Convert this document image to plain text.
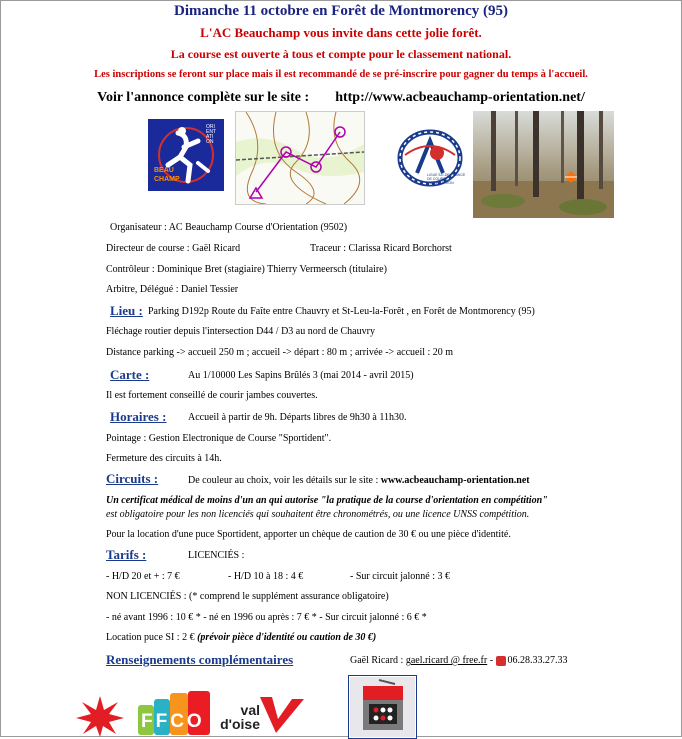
Dimanche 11 octobre en Forêt de Montmorency (95)
L'AC Beauchamp vous invite dans cette jolie forêt.
La course est ouverte à tous et compte pour le classement national.
Les inscriptions se feront sur place mais il est recommandé de se pré-inscrire pour gagner du temps à l'accueil.
Voir l'annonce complète sur le site : http://www.acbeauchamp-orientation.net/
BEAU CHAMP
ORIENTATION
LIGUE ÎLE-DE-FRANCE DE COURSE D'ORIENTATION
Organisateur : AC Beauchamp Course d'Orientation (9502)
Directeur de course : Gaël Ricard	Traceur : Clarissa Ricard Borchorst
Contrôleur : Dominique Bret (stagiaire) Thierry Vermeersch (titulaire)
Arbitre, Délégué : Daniel Tessier
Lieu : Parking D192p Route du Faîte entre Chauvry et St-Leu-la-Forêt , en Forêt de Montmorency (95)
Fléchage routier depuis l'intersection D44 / D3 au nord de Chauvry
Distance parking -> accueil 250 m ; accueil -> départ : 80 m ; arrivée -> accueil : 20 m
Carte :	Au 1/10000 Les Sapins Brûlés 3 (mai 2014 - avril 2015)
Il est fortement conseillé de courir jambes couvertes.
Horaires : Accueil à partir de 9h. Départs libres de 9h30 à 11h30.
Pointage : Gestion Electronique de Course "Sportident".
Fermeture des circuits à 14h.
Circuits :	De couleur au choix, voir les détails sur le site : www.acbeauchamp-orientation.net
Un certificat médical de moins d'un an qui autorise "la pratique de la course d'orientation en compétition"
est obligatoire pour les non licenciés qui souhaitent être chronométrés, ou une licence UNSS compétition.
Pour la location d'une puce Sportident, apporter un chèque de caution de 30 € ou une pièce d'identité.
Tarifs :	LICENCIÉS :
- H/D 20 et + : 7 €	- H/D 10 à 18 : 4 €	- Sur circuit jalonné : 3 €
NON LICENCIÉS : (* comprend le supplément assurance obligatoire)
- né avant 1996 : 10 € * - né en 1996 ou après : 7 € * - Sur circuit jalonné : 6 € *
Location puce SI : 2 € (prévoir pièce d'identité ou caution de 30 €)
Renseignements complémentaires	Gaël Ricard : gael.ricard @ free.fr - 06.28.33.27.33
FFCO
val d'oise
